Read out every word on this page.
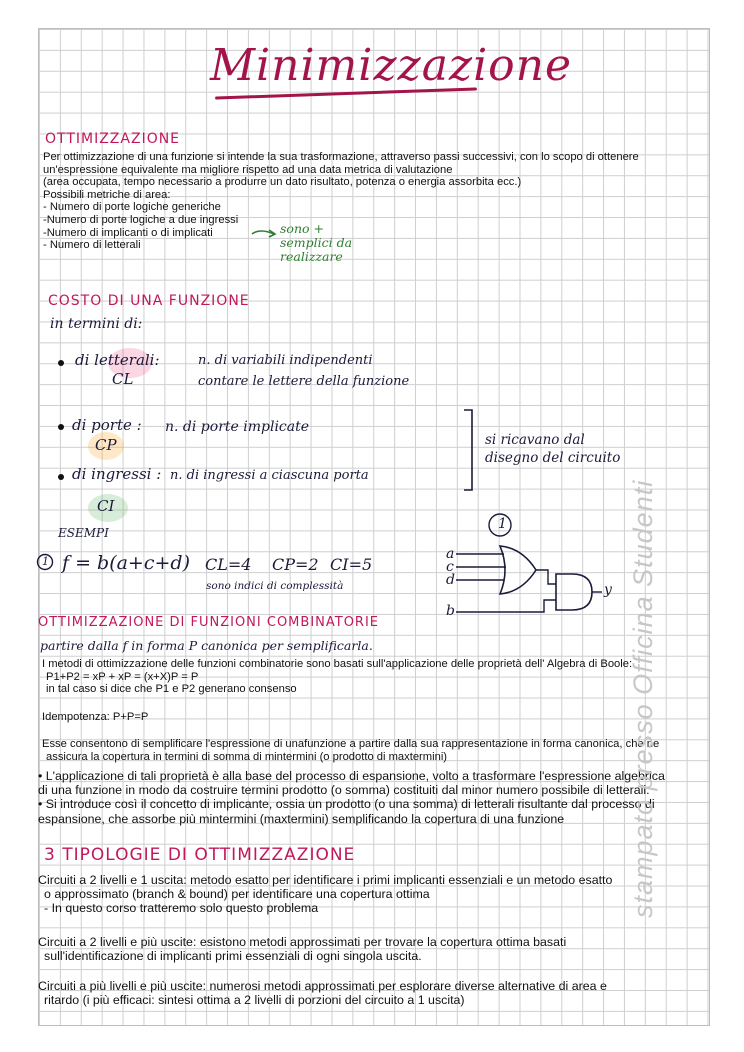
Minimizzazione
OTTIMIZZAZIONE
Per ottimizzazione di una funzione si intende la sua trasformazione, attraverso passi successivi, con lo scopo di ottenere
un'espressione equivalente ma migliore rispetto ad una data metrica di valutazione
(area occupata, tempo necessario a produrre un dato risultato, potenza o energia assorbita ecc.)
Possibili metriche di area:
- Numero di porte logiche generiche
-Numero di porte logiche a due ingressi
-Numero di implicanti o di implicati
- Numero di letterali
sono +
semplici da
realizzare
COSTO DI UNA FUNZIONE
in termini di:
di letterali:
CL
n. di variabili indipendenti
contare le lettere della funzione
di porte :
CP
n. di porte implicate
di ingressi :
CI
n. di ingressi a ciascuna porta
si ricavano dal
disegno del circuito
ESEMPI
1 f = b(a+c+d) CL=4 CP=2 CI=5
sono indici di complessità
a
c
d
b
y
1
OTTIMIZZAZIONE DI FUNZIONI COMBINATORIE
partire dalla f in forma P canonica per semplificarla.
I metodi di ottimizzazione delle funzioni combinatorie sono basati sull'applicazione delle proprietà dell' Algebra di Boole:
P1+P2 = xP + xP = (x+X)P = P
in tal caso si dice che P1 e P2 generano consenso
Idempotenza: P+P=P
Esse consentono di semplificare l'espressione di unafunzione a partire dalla sua rappresentazione in forma canonica, che ne
assicura la copertura in termini di somma di mintermini (o prodotto di maxtermini)
• L'applicazione di tali proprietà è alla base del processo di espansione, volto a trasformare l'espressione algebrica
di una funzione in modo da costruire termini prodotto (o somma) costituiti dal minor numero possibile di letterali.
• Si introduce così il concetto di implicante, ossia un prodotto (o una somma) di letterali risultante dal processo di
espansione, che assorbe più mintermini (maxtermini) semplificando la copertura di una funzione
3 TIPOLOGIE DI OTTIMIZZAZIONE
Circuiti a 2 livelli e 1 uscita: metodo esatto per identificare i primi implicanti essenziali e un metodo esatto
o approssimato (branch & bound) per identificare una copertura ottima
- In questo corso tratteremo solo questo problema
Circuiti a 2 livelli e più uscite: esistono metodi approssimati per trovare la copertura ottima basati
sull'identificazione di implicanti primi essenziali di ogni singola uscita.
Circuiti a più livelli e più uscite: numerosi metodi approssimati per esplorare diverse alternative di area e
ritardo (i più efficaci: sintesi ottima a 2 livelli di porzioni del circuito a 1 uscita)
stampato presso Officina Studenti
